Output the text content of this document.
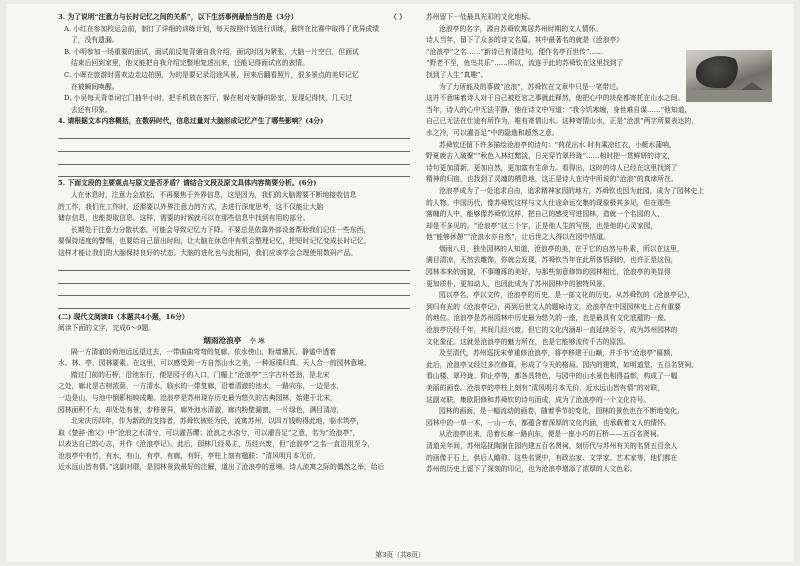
3. 为了说明“注意力与长时记忆之间的关系”，以下生活事例最恰当的是（3分）	（ ）
A. 小红在参加校运会前，制订了详细的训练计划，每天按照计划进行训练，最终在比赛中取得了优异成绩
了，没有遗漏。
B. 小明参加一场重要的面试，面试前反复背诵自我介绍，面试时因为紧张，大脑一片空白，但面试
结束后回到家里，他又能把自我介绍完整地复述出来，还能记得面试官的表情。
C. 小晖在旅游时喜欢边走边拍照，为的是要记录沿途风景，回来后翻看照片，很多景点的美好记忆
在被瞬间唤醒。
D. 小吴每天背单词它门抽半小时，把手机放在客厅，躲在相对安静的卧室，发现记得快，几天过
去还有印象。
4. 请根据文本内容概括，在数码时代，信息过量对大脑形成记忆产生了哪些影响？(4分)
5. 下面文段的主要观点与原文是否矛盾？请结合文段及原文具体内容简要分析。(6分)
人在休息时，注意力会放松，不再聚焦于外界信息，这是因为，我们的大脑需要不断地接收信息
的工作，我们在工作时，还需要以外界注意力的方式，去进行深度思考，这不仅能让大脑
储存信息，也能提取信息。这样，需要的时候就可以在那些信息中找到有用的部分。
长期处于注意力分散状态，可能会导致记忆力下降。不要总是依靠外部设备帮助我们记住一些东西，
要保持适度的警惕，也要给自己留出时间，让大脑在休息中有机会整理记忆，把短时记忆变成长时记忆，
这样才能让我们的大脑保持良好的状态。大脑的进化也与此相同，我们应该学会合理使用数码产品。
(二) 现代文阅读Ⅱ（本题共4小题，16分）
阅读下面的文字，完成6～9题。
烟雨沧浪亭 李 琳
隔一方清澈的荷池远远望过去，一带曲曲弯弯的复廊，依水傍山，粉墙黛瓦，静谧中透着
水、林、亭、园林要素。在这里，可以感受到一方自然山水之美，一种返璞归真、天人合一的园林意境。
踏过门前的石桥，沿池东行，便是园子的入口，门楣上“沧浪亭”三字古朴苍劲，是北宋
之处，廊北是古树浓荫，一方清水，临水的一带复廊，沿着清澈的池水，一路向东，一边是水，
一边是山，与池中倒影相映成趣。沧浪亭是苏州现存历史最为悠久的古典园林，始建于北宋，
园林面积不大，却处处有景，步移景异，廊外池水清澈，廊内粉壁漏窗，一片绿色，满目清凉，
北宋庆历四年，作为新政的支持者，苏舜钦被贬为民，流寓苏州，以四万钱购得此地，临水筑亭，
取《楚辞·渔父》中“沧浪之水清兮，可以濯吾缨；沧浪之水浊兮，可以濯吾足”之意，名为“沧浪亭”，
以表达自己的心志，并作《沧浪亭记》。此后，园林几经易主，历经兴废，但“沧浪亭”之名一直沿用至今，
沧浪亭中有竹，有水，有山，有亭，有廊，有轩，亭柱上刻有楹联：“清风明月本无价，
近水远山皆有情。”这副对联，是园林景致最好的注解，道出了沧浪亭的意境。诗人流寓之际的偶然之举，给后
苏州留下一处最具光彩的文化地标。
沧浪亭的名字，源自苏舜钦寓居苏州时期的文人情怀。
诗人当年，留下了众多的诗文名篇，其中最著名的就是《沧浪亭》
“沧浪亭”之名……“新诗已有清佳句，便作名亭百世传”……
“野老不至，鱼鸟共乐”……所以，流连于此的苏舜钦在这里找到了
找到了人生“真趣”。
为了力所能及的事做“沧浪”，苏舜钦在文章中只是一笔带过。
这并不意味着诗人对于自己被贬官之事就此释然，他把心中的块垒都寄托在山水之间。
当年，诗人的心中无法平静，他在诗文中写道：“我今饥寒缠，身世难自谋……”他知道，
自己已无法在仕途有所作为，唯有寄情山水。这种寄情山水，正是“沧浪”两字所要表达的，
水之冷，可以濯吾足”中的隐逸和超然之意。
苏舜钦还留下许多描绘沧浪亭的诗句：“荷花出水 时有乘凉红衣，小艇水蒲响，
野夏鹿吉入破聚”“秋色入林红黯淡，日光穿竹翠玲珑”……相时把一贯鲜妍的诗文，
诗句更加清新，更加自然，更加富有生命力。看得出，这时的诗人已经在这里找到了
精神的归宿，也找到了灵魂的栖息地，这正是诗人在诗中所说的“沧浪”的真谛所在。
沧浪亭成为了一处追求自由，追求精神家园的地方，苏舜钦也因为此园，成为了园林史上
的人物。中国历代，像苏舜钦这样与文人仕途命运交集的现象极其多见，但在那些
落魄的人中，能够像苏舜钦这样，把自己的感受写进园林，造就一个名园的人，
却是不多见的。“沧浪亭”这三个字，正是他人生的写照，也是他的心灵家园，
他“能够休憩”“沧浪水亦自然”，让后世之人得以在园中悟道。
烟雨八月，独坐园林的人知道，沧浪亭的美，在于它的自然与朴素，所以在这里，
满目清凉，天然去雕饰，你就会发现，苏舜钦当年在此所体悟到的，也许正是这份，
园林本来的面貌，不事雕琢的美好，与那些刻意修饰的园林相比，沧浪亭的美显得
更加质朴，更加动人，也因此成为了苏州园林中的独特风景。
园以亭名，亭以文传，沧浪亭的历史，是一部文化的历史。从苏舜钦的《沧浪亭记》，
到归有光的《沧浪亭记》，再到后世文人的题咏诗文，沧浪亭在中国园林史上占有重要
的地位。沧浪亭是苏州园林中历史最为悠久的一座，也是最具有文化底蕴的一座。
沧浪亭历经千年，其间几经兴废，但它的文化内涵却一直延续至今，成为苏州园林的
文化象征。这就是沧浪亭的魅力所在，也是它能够流传千古的原因。
及至清代，苏州巡抚宋荦重修沧浪亭，将亭移建于山巅，并手书“沧浪亭”匾额，
此后，沧浪亭又经过多次修葺，形成了今天的格局。园内的建筑，如明道堂、五百名贤祠、
看山楼、翠玲珑、仰止亭等，都各具特色，与园中的山水景色相得益彰，构成了一幅
美丽的画卷。沧浪亭的亭柱上刻有“清风明月本无价，近水远山皆有情”的对联，
这副对联，集欧阳修和苏舜钦的诗句而成，成为了沧浪亭的一个文化符号。
园林的画面，是一幅流动的画卷，随着季节的变化，园林的景色也在不断地变化。
园林中的一草一木，一山一水，都蕴含着深厚的文化内涵，也承载着文人的情怀。
从沧浪亭出来，沿着长廊一路向东，便是一座小巧的石桥——五百名贤祠。
清道光年间，苏州巡抚陶澍在园内建五百名贤祠，刻历代与苏州有关的名贤五百余人
的画像于石上，供后人瞻仰。这些名贤中，有政治家、文学家、艺术家等，他们都在
苏州的历史上留下了深刻的印记，也为沧浪亭增添了浓厚的人文色彩。
第3页（共8页）
